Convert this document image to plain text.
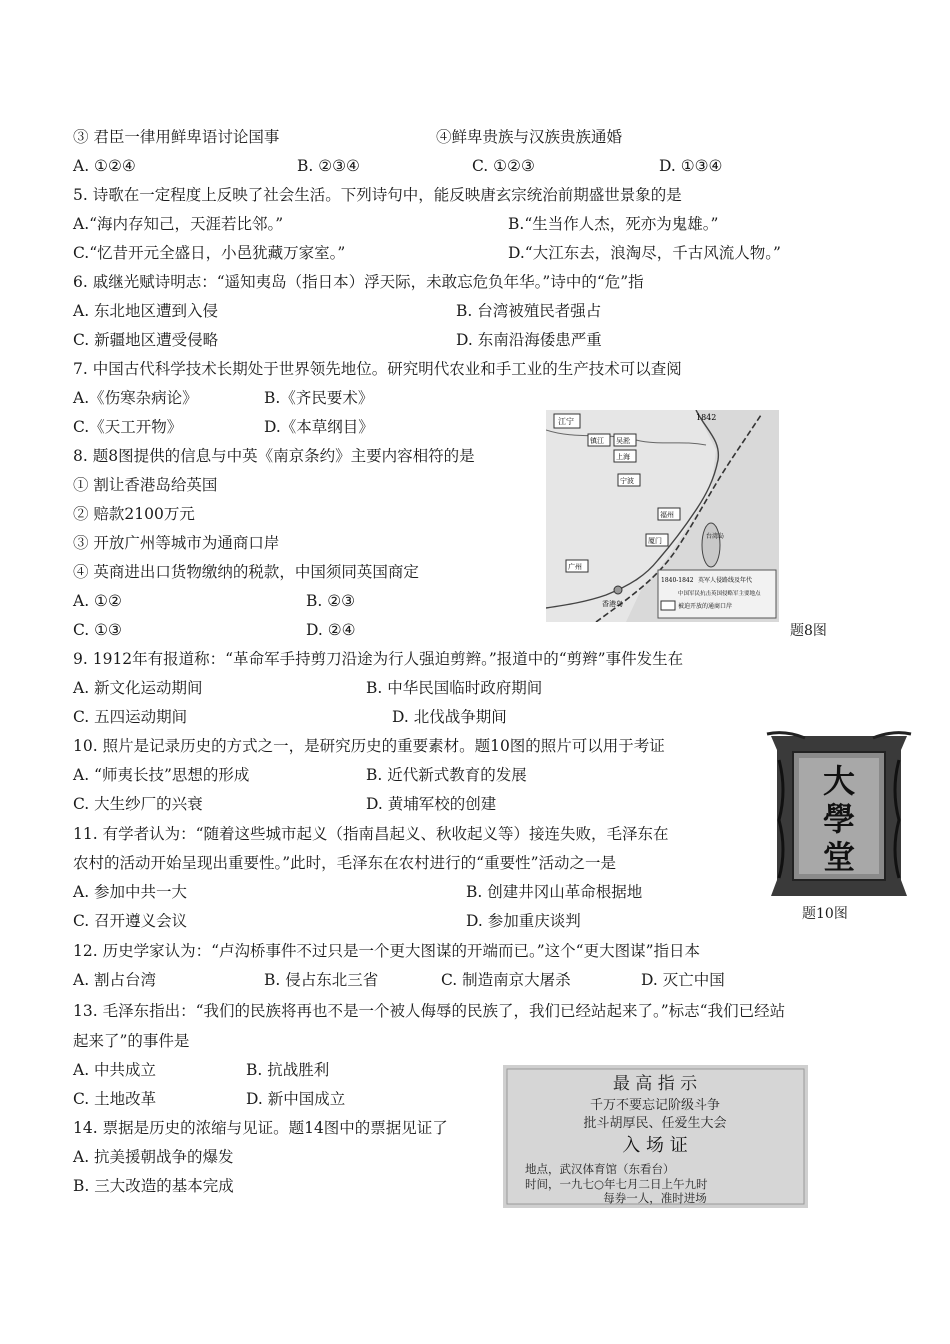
③ 君臣一律用鲜卑语讨论国事	④鲜卑贵族与汉族贵族通婚
A. ①②④	B. ②③④	C. ①②③	D. ①③④
5. 诗歌在一定程度上反映了社会生活。下列诗句中，能反映唐玄宗统治前期盛世景象的是
A.“海内存知己，天涯若比邻。”	B.“生当作人杰，死亦为鬼雄。”
C.“忆昔开元全盛日，小邑犹藏万家室。”	D.“大江东去，浪淘尽，千古风流人物。”
6. 戚继光赋诗明志：“遥知夷岛（指日本）浮天际，未敢忘危负年华。”诗中的“危”指
A. 东北地区遭到入侵	B. 台湾被殖民者强占
C. 新疆地区遭受侵略	D. 东南沿海倭患严重
7. 中国古代科学技术长期处于世界领先地位。研究明代农业和手工业的生产技术可以查阅
A.《伤寒杂病论》	B.《齐民要术》
C.《天工开物》	D.《本草纲目》
8. 题8图提供的信息与中英《南京条约》主要内容相符的是
① 割让香港岛给英国
② 赔款2100万元
③ 开放广州等城市为通商口岸
④ 英商进出口货物缴纳的税款，中国须同英国商定
A. ①②	B. ②③
C. ①③	D. ②④
江宁	1842
镇江 吴淞
上海
宁波
福州
厦门
台湾岛
广州
香港岛
1840-1842 英军人侵路线及年代
中国军民抗击英国侵略军主要地点
被迫开放的通商口岸
题8图
9. 1912年有报道称：“革命军手持剪刀沿途为行人强迫剪辫。”报道中的“剪辫”事件发生在
A. 新文化运动期间	B. 中华民国临时政府期间
C. 五四运动期间	D. 北伐战争期间
10. 照片是记录历史的方式之一，是研究历史的重要素材。题10图的照片可以用于考证
A. “师夷长技”思想的形成	B. 近代新式教育的发展
C. 大生纱厂的兴衰	D. 黄埔军校的创建
大
學
堂
题10图
11. 有学者认为：“随着这些城市起义（指南昌起义、秋收起义等）接连失败，毛泽东在
农村的活动开始呈现出重要性。”此时，毛泽东在农村进行的“重要性”活动之一是
A. 参加中共一大	B. 创建井冈山革命根据地
C. 召开遵义会议	D. 参加重庆谈判
12. 历史学家认为：“卢沟桥事件不过只是一个更大图谋的开端而已。”这个“更大图谋”指日本
A. 割占台湾	B. 侵占东北三省	C. 制造南京大屠杀	D. 灭亡中国
13. 毛泽东指出：“我们的民族将再也不是一个被人侮辱的民族了，我们已经站起来了。”标志“我们已经站
起来了”的事件是
A. 中共成立	B. 抗战胜利
C. 土地改革	D. 新中国成立
14. 票据是历史的浓缩与见证。题14图中的票据见证了
A. 抗美援朝战争的爆发
B. 三大改造的基本完成
最 高 指 示
千万不要忘记阶级斗争
批斗胡厚民、任爱生大会
入 场 证
地点，武汉体育馆（东看台）
时间，一九七○年七月二日上午九时
每券一人，准时进场
